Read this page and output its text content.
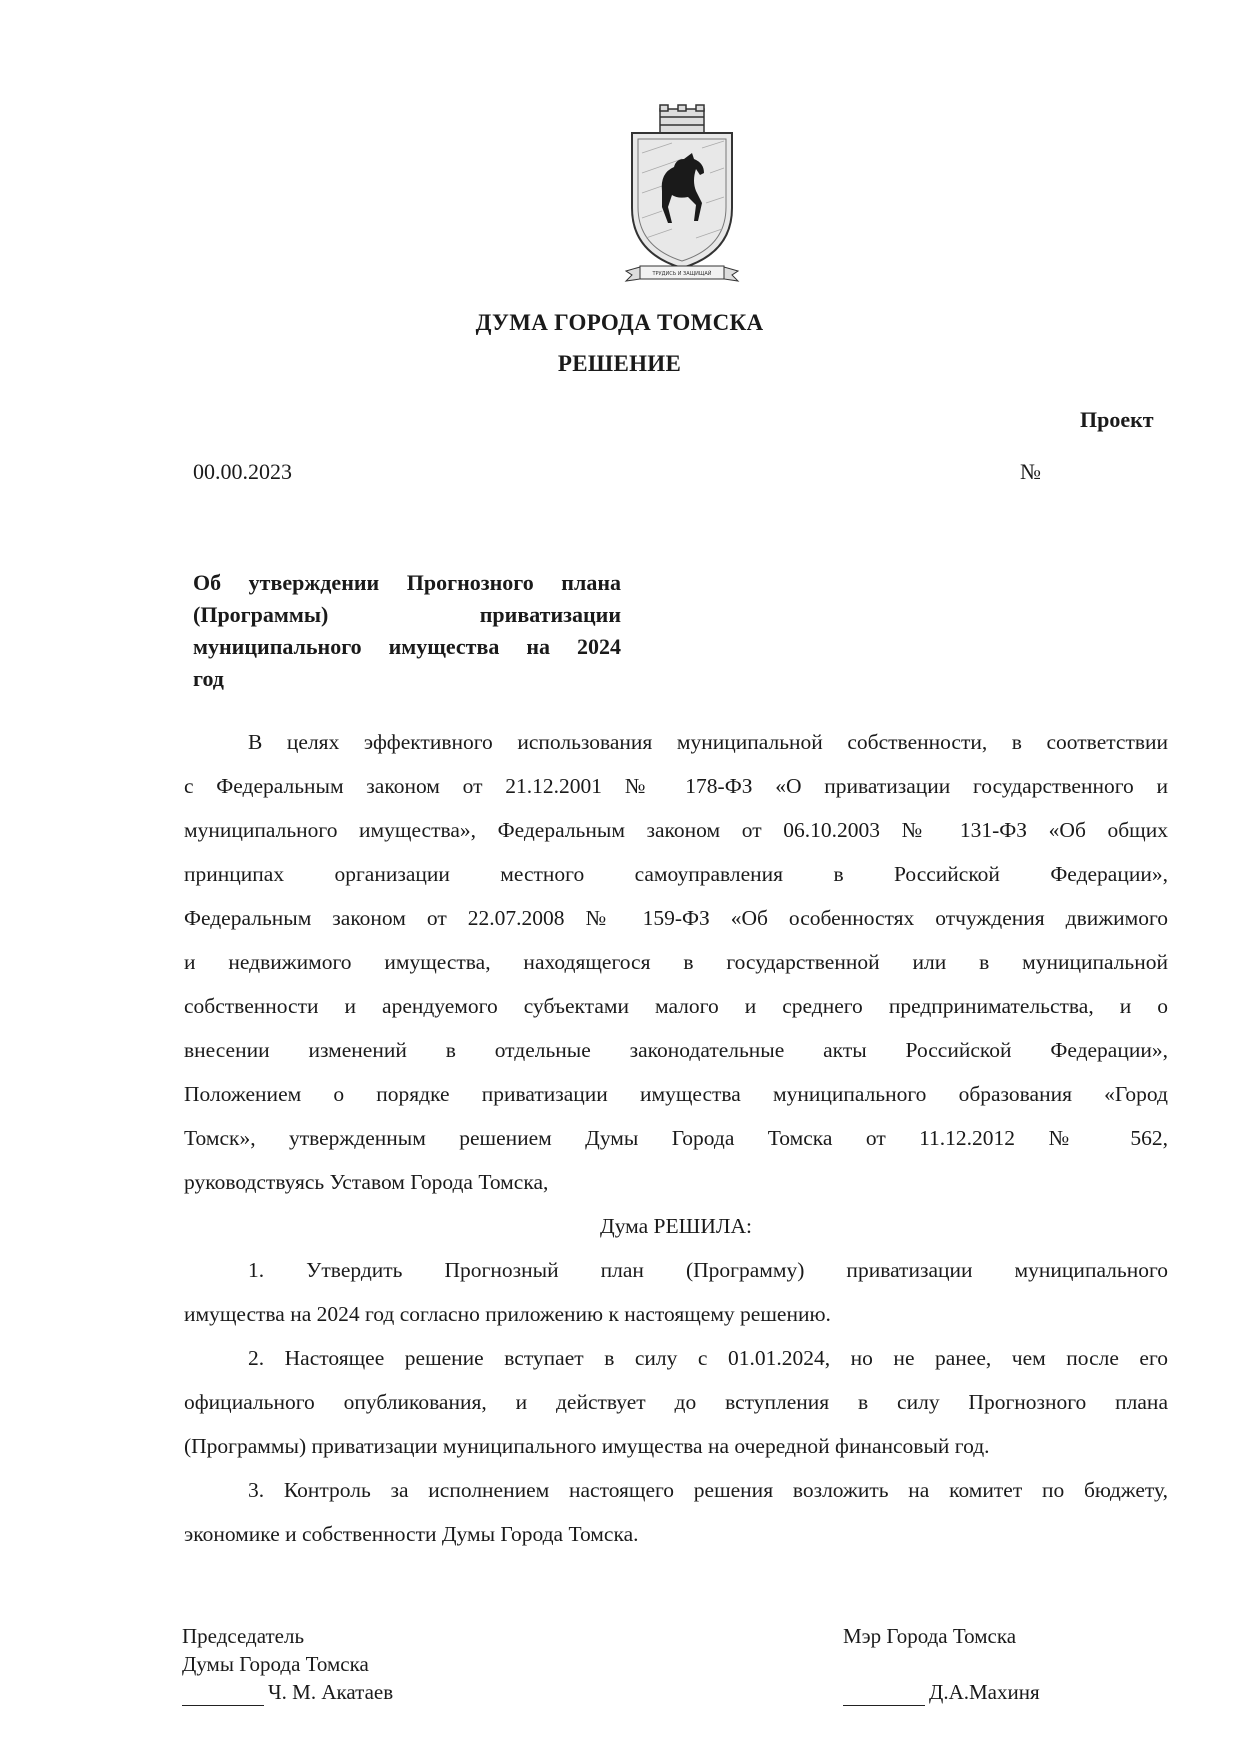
ТРУДИСЬ И ЗАЩИЩАЙ
ДУМА ГОРОДА ТОМСКА
РЕШЕНИЕ
Проект
00.00.2023	№
Об утверждении Прогнозного плана
(Программы) приватизации
муниципального имущества на 2024
год
В целях эффективного использования муниципальной собственности, в соответствии
с Федеральным законом от 21.12.2001 № 178-ФЗ «О приватизации государственного и
муниципального имущества», Федеральным законом от 06.10.2003 № 131-ФЗ «Об общих
принципах организации местного самоуправления в Российской Федерации»,
Федеральным законом от 22.07.2008 № 159-ФЗ «Об особенностях отчуждения движимого
и недвижимого имущества, находящегося в государственной или в муниципальной
собственности и арендуемого субъектами малого и среднего предпринимательства, и о
внесении изменений в отдельные законодательные акты Российской Федерации»,
Положением о порядке приватизации имущества муниципального образования «Город
Томск», утвержденным решением Думы Города Томска от 11.12.2012 № 562,
руководствуясь Уставом Города Томска,
Дума РЕШИЛА:
1. Утвердить Прогнозный план (Программу) приватизации муниципального
имущества на 2024 год согласно приложению к настоящему решению.
2. Настоящее решение вступает в силу с 01.01.2024, но не ранее, чем после его
официального опубликования, и действует до вступления в силу Прогнозного плана
(Программы) приватизации муниципального имущества на очередной финансовый год.
3. Контроль за исполнением настоящего решения возложить на комитет по бюджету,
экономике и собственности Думы Города Томска.
Председатель
Думы Города Томска
Ч. М. Акатаев
Мэр Города Томска
Д.А.Махиня
